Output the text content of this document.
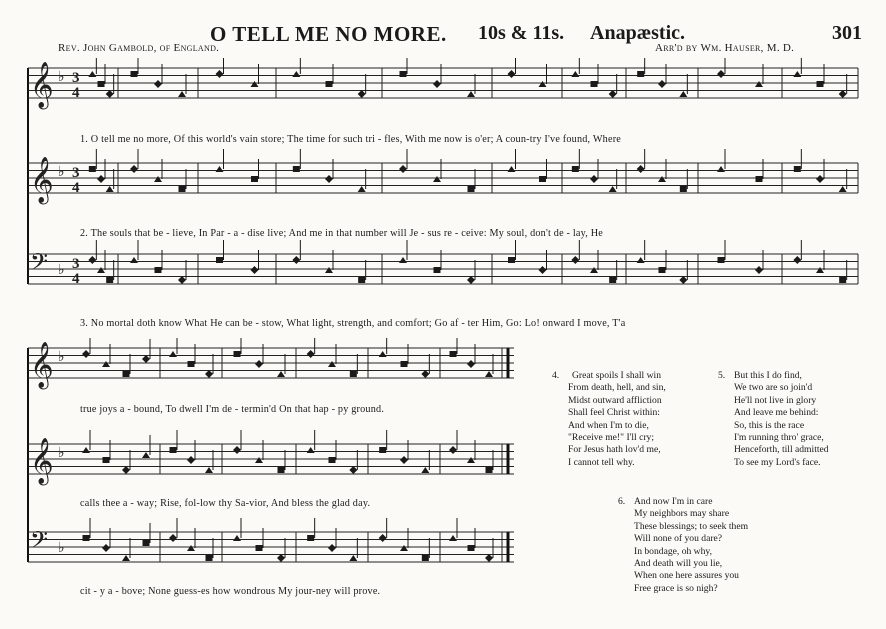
O TELL ME NO MORE. 10s & 11s. Anapæstic.	301
Rev. John Gambold, of England.	Arr'd by Wm. Hauser, M. D.
𝄞 ♭ 3
4
𝄞 ♭ 3
4
𝄢 ♭ 3
4
1. O tell me no more, Of this world's vain store; The time for such tri - fles, With me now is o'er; A coun-try I've found, Where
2. The souls that be - lieve, In Par - a - dise live; And me in that number will Je - sus re - ceive: My soul, don't de - lay, He
3. No mortal doth know What He can be - stow, What light, strength, and comfort; Go af - ter Him, Go: Lo! onward I move, T'a
𝄞 ♭
𝄞 ♭
𝄢 ♭
true joys a - bound, To dwell I'm de - termin'd On that hap - py ground.
calls thee a - way; Rise, fol-low thy Sa-vior, And bless the glad day.
cit - y a - bove; None guess-es how wondrous My jour-ney will prove.
4.	Great spoils I shall win
From death, hell, and sin,
Midst outward affliction
Shall feel Christ within:
And when I'm to die,
"Receive me!" I'll cry;
For Jesus hath lov'd me,
I cannot tell why.
5. But this I do find,
We two are so join'd
He'll not live in glory
And leave me behind:
So, this is the race
I'm running thro' grace,
Henceforth, till admitted
To see my Lord's face.
6. And now I'm in care
My neighbors may share
These blessings; to seek them
Will none of you dare?
In bondage, oh why,
And death will you lie,
When one here assures you
Free grace is so nigh?
